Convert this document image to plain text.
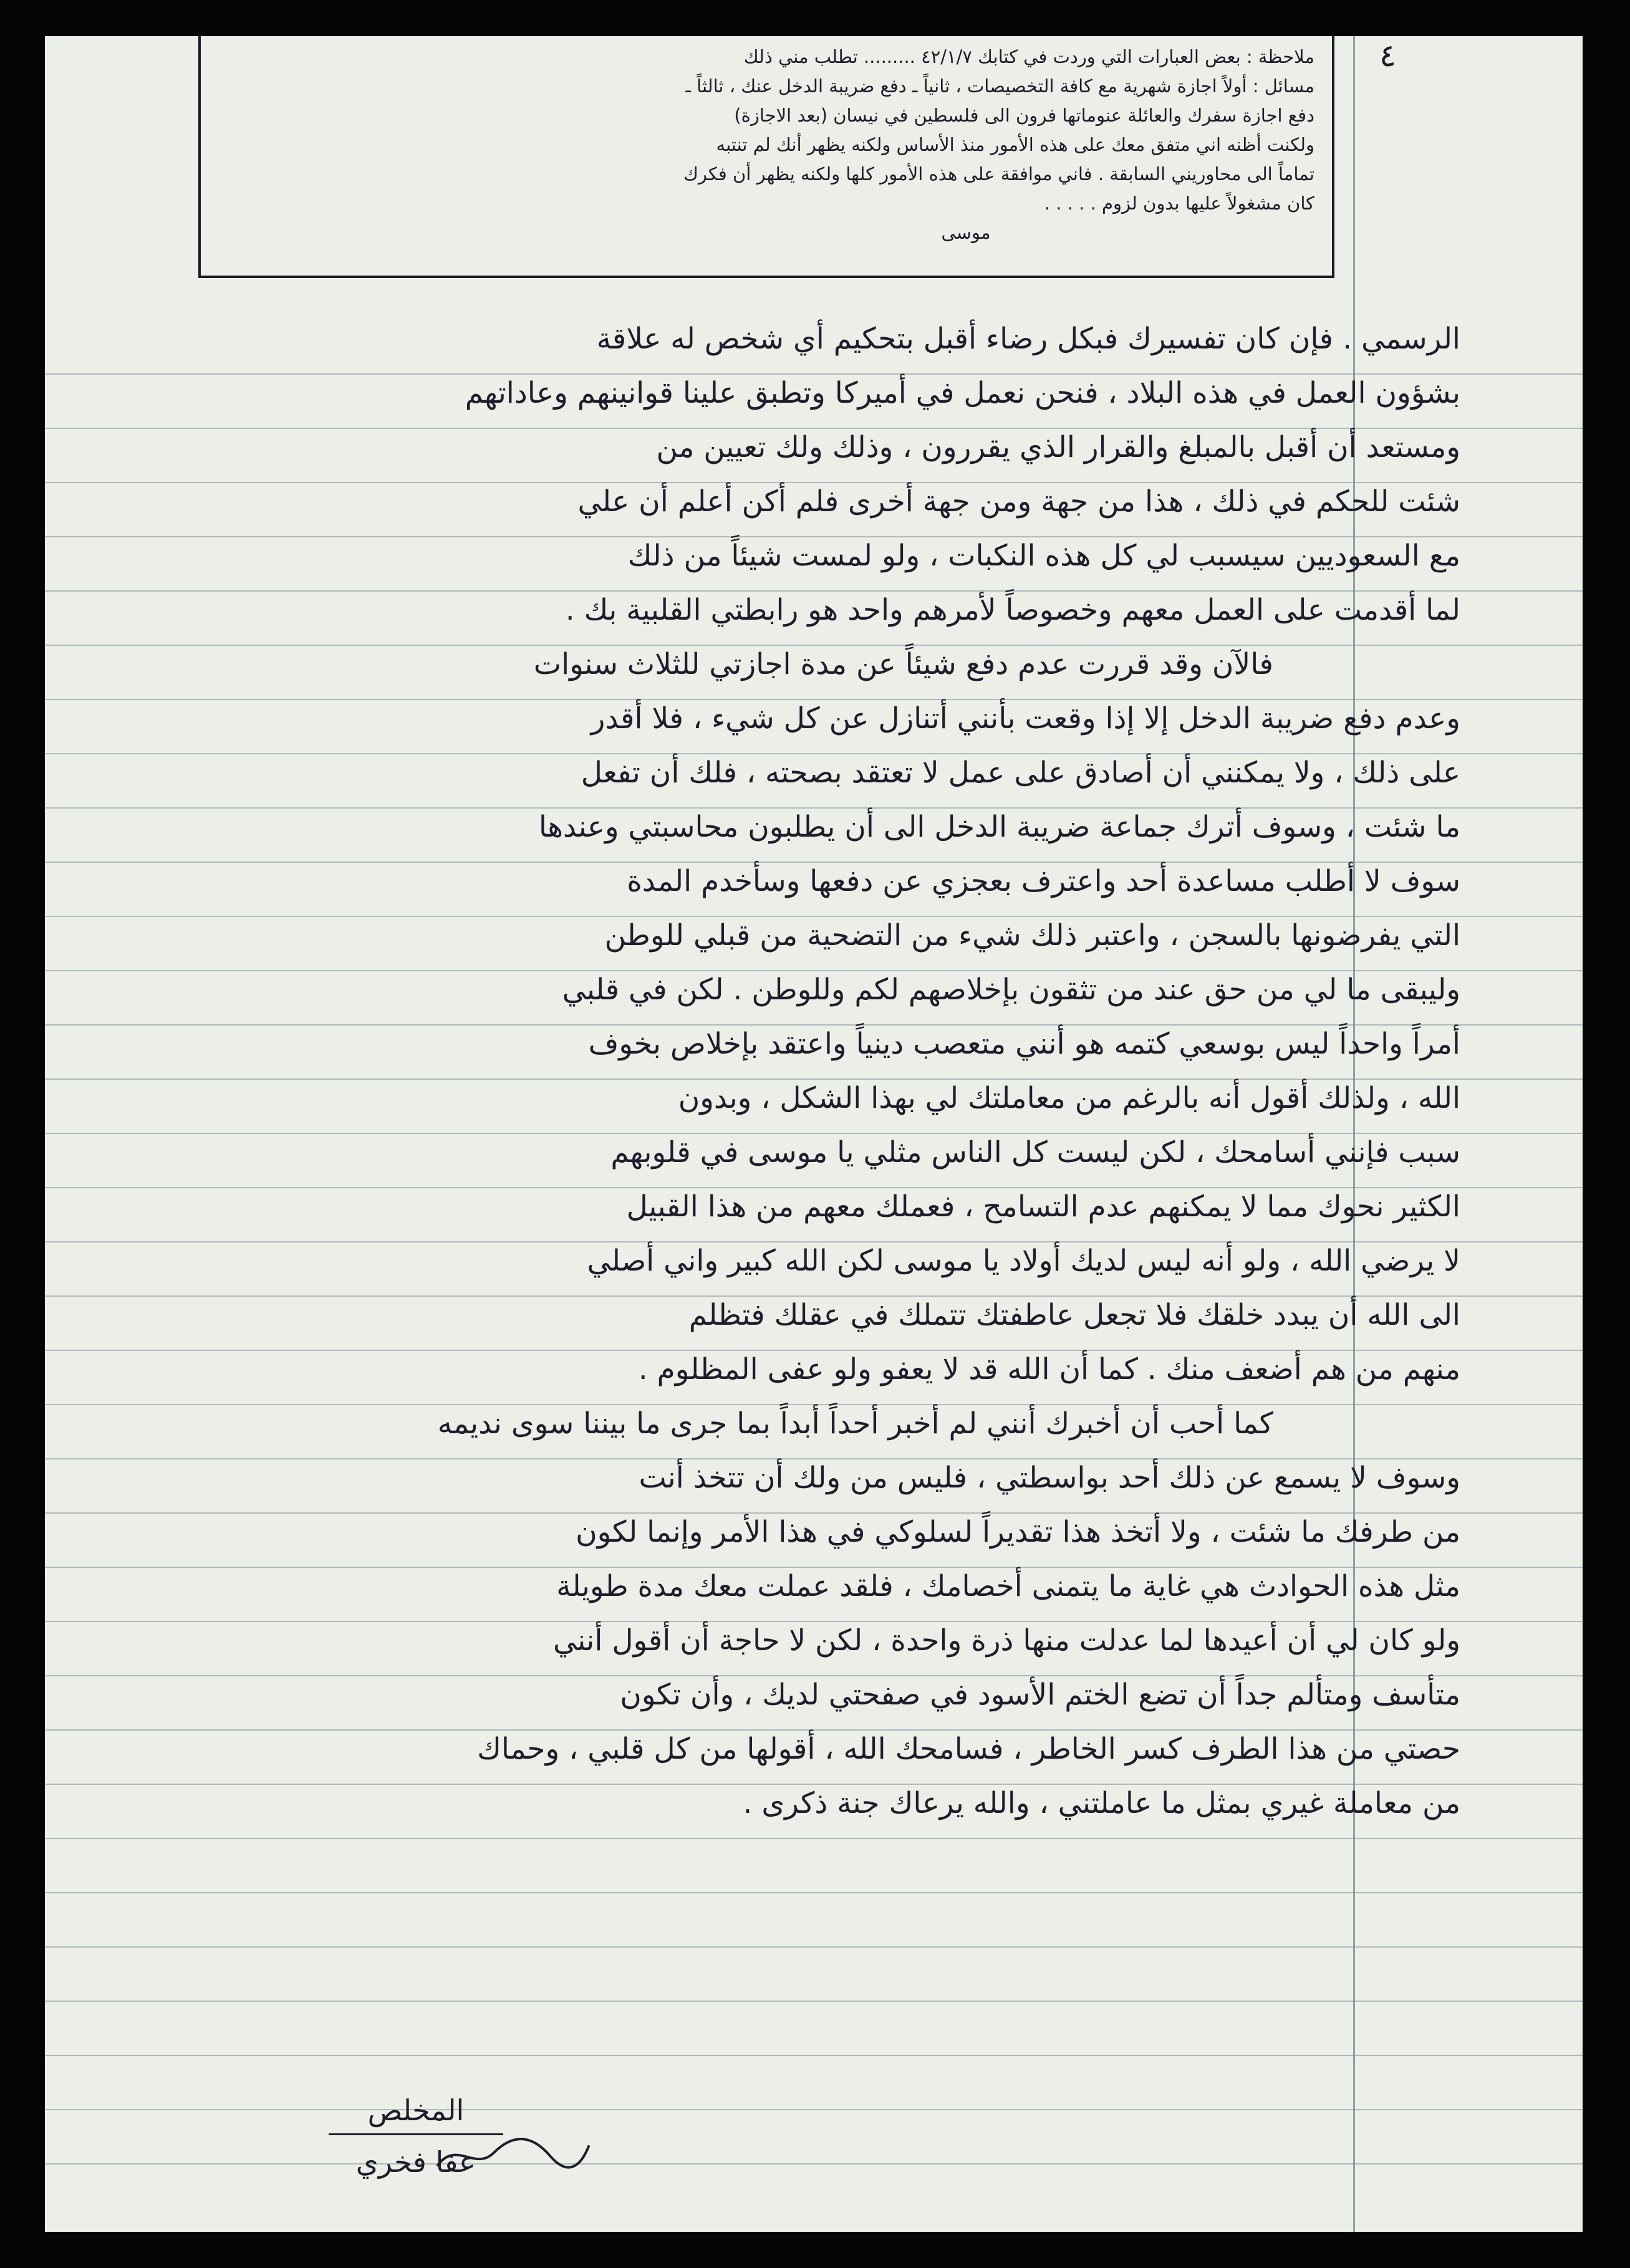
٤
ملاحظة : بعض العبارات التي وردت في كتابك ٤٢/١/٧ ......... تطلب مني ذلك
مسائل : أولاً اجازة شهرية مع كافة التخصيصات ، ثانياً ـ دفع ضريبة الدخل عنك ، ثالثاً ـ
دفع اجازة سفرك والعائلة عنوماتها فرون الى فلسطين في نيسان (بعد الاجازة)
ولكنت أظنه اني متفق معك على هذه الأمور منذ الأساس ولكنه يظهر أنك لم تنتبه
تماماً الى محاوريني السابقة . فاني موافقة على هذه الأمور كلها ولكنه يظهر أن فكرك
كان مشغولاً عليها بدون لزوم . . . . .
موسى
الرسمي . فإن كان تفسيرك فبكل رضاء أقبل بتحكيم أي شخص له علاقة
بشؤون العمل في هذه البلاد ، فنحن نعمل في أميركا وتطبق علينا قوانينهم وعاداتهم
ومستعد أن أقبل بالمبلغ والقرار الذي يقررون ، وذلك ولك تعيين من
شئت للحكم في ذلك ، هذا من جهة ومن جهة أخرى فلم أكن أعلم أن علي
مع السعوديين سيسبب لي كل هذه النكبات ، ولو لمست شيئاً من ذلك
لما أقدمت على العمل معهم وخصوصاً لأمرهم واحد هو رابطتي القلبية بك .
فالآن وقد قررت عدم دفع شيئاً عن مدة اجازتي للثلاث سنوات
وعدم دفع ضريبة الدخل إلا إذا وقعت بأنني أتنازل عن كل شيء ، فلا أقدر
على ذلك ، ولا يمكنني أن أصادق على عمل لا تعتقد بصحته ، فلك أن تفعل
ما شئت ، وسوف أترك جماعة ضريبة الدخل الى أن يطلبون محاسبتي وعندها
سوف لا أطلب مساعدة أحد واعترف بعجزي عن دفعها وسأخدم المدة
التي يفرضونها بالسجن ، واعتبر ذلك شيء من التضحية من قبلي للوطن
وليبقى ما لي من حق عند من تثقون بإخلاصهم لكم وللوطن . لكن في قلبي
أمراً واحداً ليس بوسعي كتمه هو أنني متعصب دينياً واعتقد بإخلاص بخوف
الله ، ولذلك أقول أنه بالرغم من معاملتك لي بهذا الشكل ، وبدون
سبب فإنني أسامحك ، لكن ليست كل الناس مثلي يا موسى في قلوبهم
الكثير نحوك مما لا يمكنهم عدم التسامح ، فعملك معهم من هذا القبيل
لا يرضي الله ، ولو أنه ليس لديك أولاد يا موسى لكن الله كبير واني أصلي
الى الله أن يبدد خلقك فلا تجعل عاطفتك تتملك في عقلك فتظلم
منهم من هم أضعف منك . كما أن الله قد لا يعفو ولو عفى المظلوم .
كما أحب أن أخبرك أنني لم أخبر أحداً أبداً بما جرى ما بيننا سوى نديمه
وسوف لا يسمع عن ذلك أحد بواسطتي ، فليس من ولك أن تتخذ أنت
من طرفك ما شئت ، ولا أتخذ هذا تقديراً لسلوكي في هذا الأمر وإنما لكون
مثل هذه الحوادث هي غاية ما يتمنى أخصامك ، فلقد عملت معك مدة طويلة
ولو كان لي أن أعيدها لما عدلت منها ذرة واحدة ، لكن لا حاجة أن أقول أنني
متأسف ومتألم جداً أن تضع الختم الأسود في صفحتي لديك ، وأن تكون
حصتي من هذا الطرف كسر الخاطر ، فسامحك الله ، أقولها من كل قلبي ، وحماك
من معاملة غيري بمثل ما عاملتني ، والله يرعاك جنة ذكرى .
المخلص
عفا فخري
